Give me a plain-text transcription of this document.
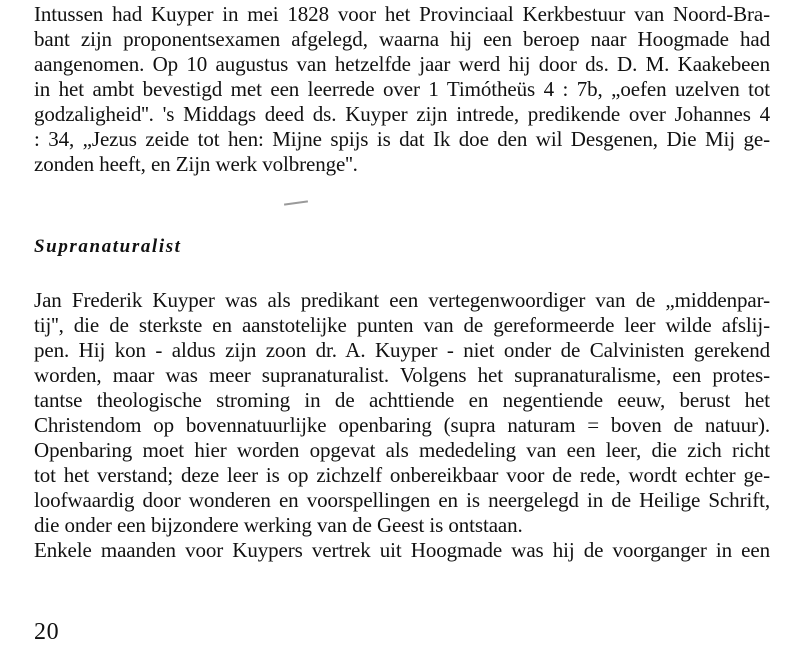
Intussen had Kuyper in mei 1828 voor het Provinciaal Kerkbestuur van Noord-Bra-
bant zijn proponentsexamen afgelegd, waarna hij een beroep naar Hoogmade had
aangenomen. Op 10 augustus van hetzelfde jaar werd hij door ds. D. M. Kaakebeen
in het ambt bevestigd met een leerrede over 1 Timótheüs 4 : 7b, „oefen uzelven tot
godzaligheid''. 's Middags deed ds. Kuyper zijn intrede, predikende over Johannes 4
: 34, „Jezus zeide tot hen: Mijne spijs is dat Ik doe den wil Desgenen, Die Mij ge-
zonden heeft, en Zijn werk volbrenge''.
Supranaturalist
Jan Frederik Kuyper was als predikant een vertegenwoordiger van de „middenpar-
tij'', die de sterkste en aanstotelijke punten van de gereformeerde leer wilde afslij-
pen. Hij kon - aldus zijn zoon dr. A. Kuyper - niet onder de Calvinisten gerekend
worden, maar was meer supranaturalist. Volgens het supranaturalisme, een protes-
tantse theologische stroming in de achttiende en negentiende eeuw, berust het
Christendom op bovennatuurlijke openbaring (supra naturam = boven de natuur).
Openbaring moet hier worden opgevat als mededeling van een leer, die zich richt
tot het verstand; deze leer is op zichzelf onbereikbaar voor de rede, wordt echter ge-
loofwaardig door wonderen en voorspellingen en is neergelegd in de Heilige Schrift,
die onder een bijzondere werking van de Geest is ontstaan.
Enkele maanden voor Kuypers vertrek uit Hoogmade was hij de voorganger in een
20
